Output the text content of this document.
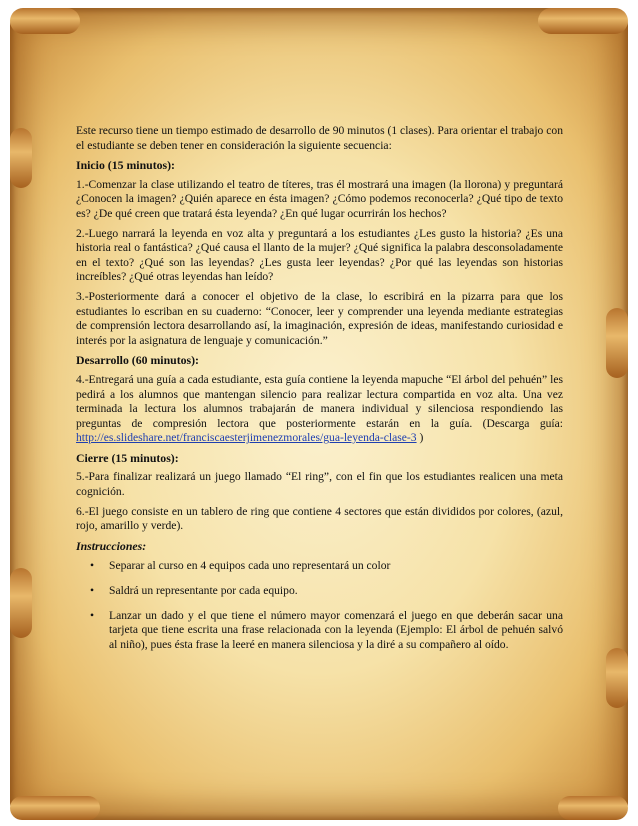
Este recurso tiene un tiempo estimado de desarrollo de 90 minutos (1 clases). Para orientar el trabajo con el estudiante se deben tener en consideración la siguiente secuencia:

Inicio (15 minutos):

1.-Comenzar la clase utilizando el teatro de títeres, tras él mostrará una imagen (la llorona) y preguntará ¿Conocen la imagen? ¿Quién aparece en ésta imagen? ¿Cómo podemos reconocerla? ¿Qué tipo de texto es? ¿De qué creen que tratará ésta leyenda? ¿En qué lugar ocurrirán los hechos?

2.-Luego narrará la leyenda en voz alta y preguntará a los estudiantes ¿Les gusto la historia? ¿Es una historia real o fantástica? ¿Qué causa el llanto de la mujer? ¿Qué significa la palabra desconsoladamente en el texto? ¿Qué son las leyendas? ¿Les gusta leer leyendas? ¿Por qué las leyendas son historias increíbles? ¿Qué otras leyendas han leído?

3.-Posteriormente dará a conocer el objetivo de la clase, lo escribirá en la pizarra para que los estudiantes lo escriban en su cuaderno: “Conocer, leer y comprender una leyenda mediante estrategias de comprensión lectora desarrollando así, la imaginación, expresión de ideas, manifestando curiosidad e interés por la asignatura de lenguaje y comunicación.”

Desarrollo (60 minutos):

4.-Entregará una guía a cada estudiante, esta guía contiene la leyenda mapuche “El árbol del pehuén” les pedirá a los alumnos que mantengan silencio para realizar lectura compartida en voz alta. Una vez terminada la lectura los alumnos trabajarán de manera individual y silenciosa respondiendo las preguntas de compresión lectora que posteriormente estarán en la guía. (Descarga guía: http://es.slideshare.net/franciscaesterjimenezmorales/gua-leyenda-clase-3 )

Cierre (15 minutos):

5.-Para finalizar realizará un juego llamado “El ring”, con el fin que los estudiantes realicen una meta cognición.

6.-El juego consiste en un tablero de ring que contiene 4 sectores que están divididos por colores, (azul, rojo, amarillo y verde).

Instrucciones:
• Separar al curso en 4 equipos cada uno representará un color
• Saldrá un representante por cada equipo.
• Lanzar un dado y el que tiene el número mayor comenzará el juego en que deberán sacar una tarjeta que tiene escrita una frase relacionada con la leyenda (Ejemplo: El árbol de pehuén salvó al niño), pues ésta frase la leeré en manera silenciosa y la diré a su compañero al oído.
